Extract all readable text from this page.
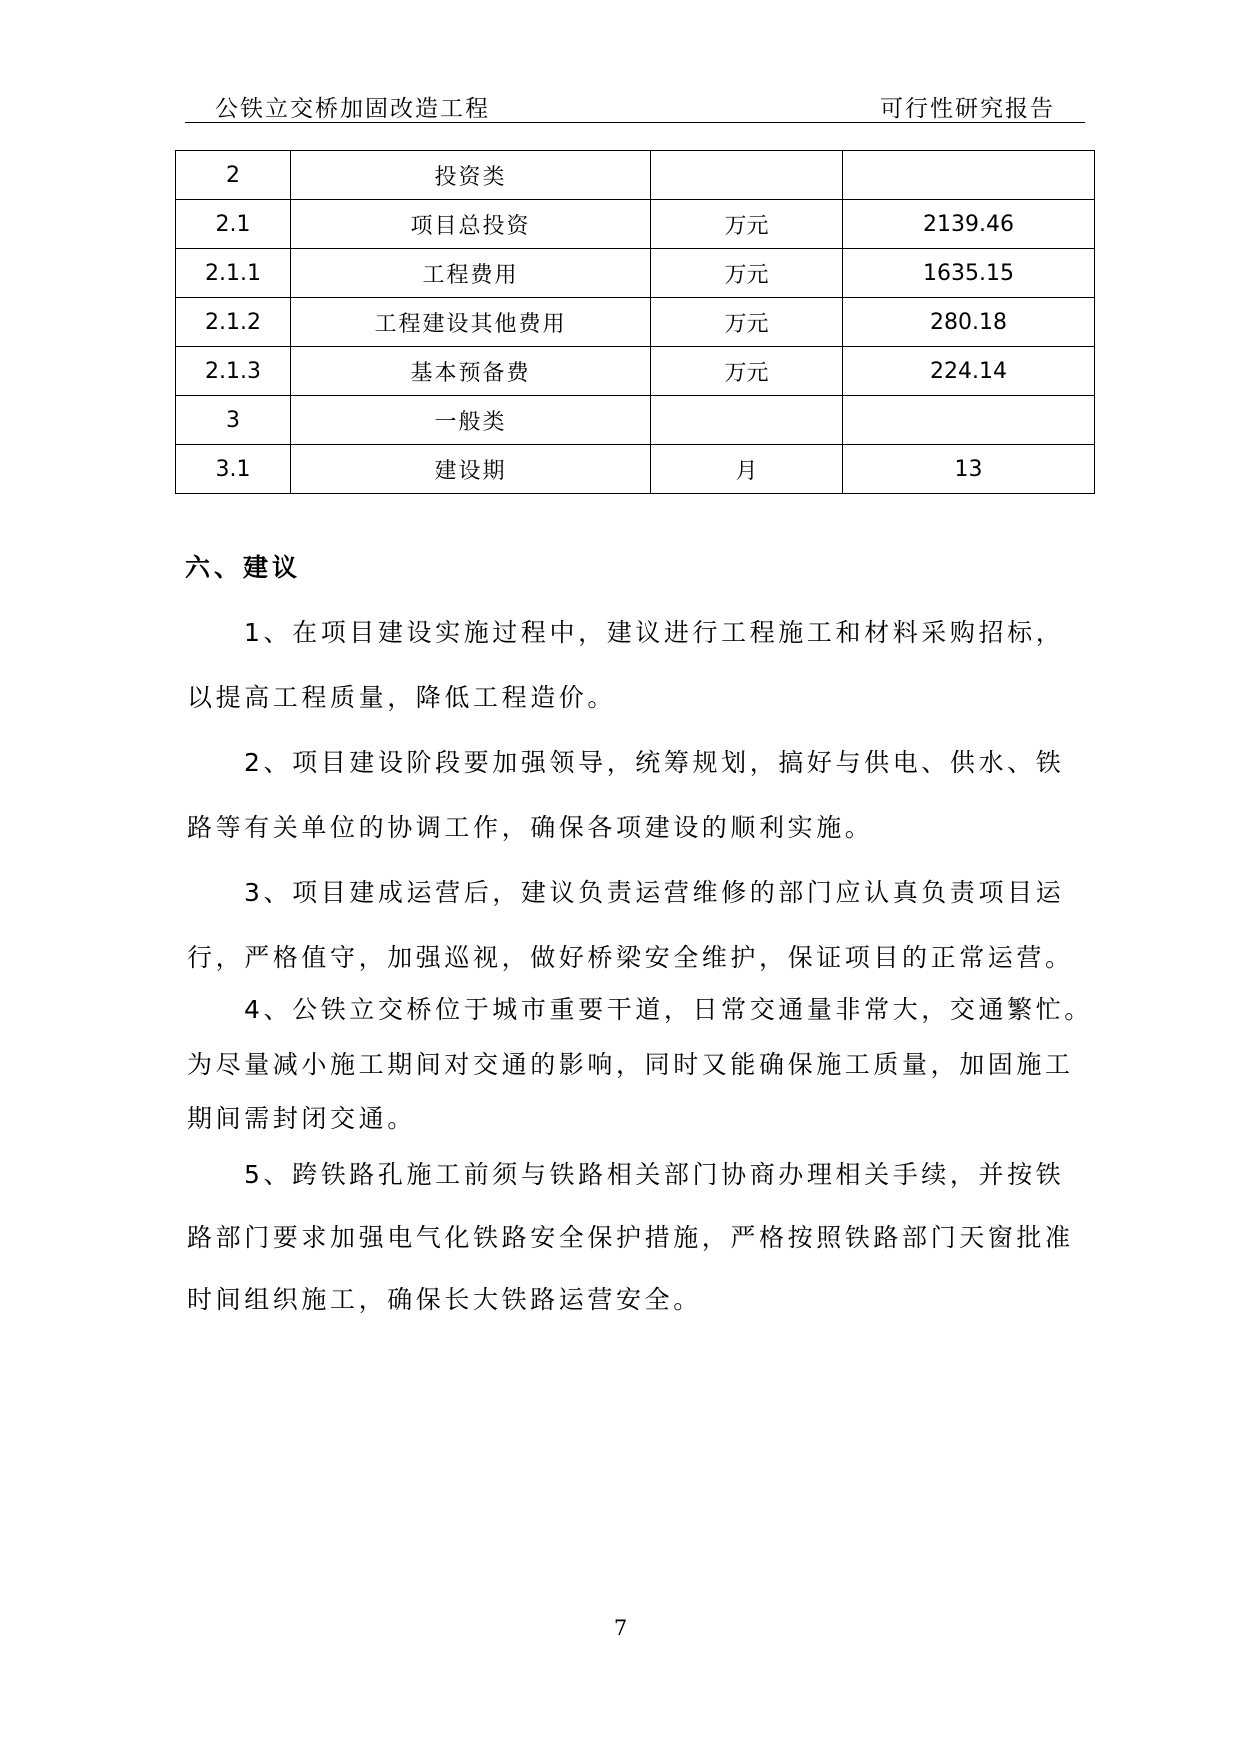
公铁立交桥加固改造工程	可行性研究报告
2	投资类		
2.1	项目总投资	万元	2139.46
2.1.1	工程费用	万元	1635.15
2.1.2	工程建设其他费用	万元	280.18
2.1.3	基本预备费	万元	224.14
3	一般类		
3.1	建设期	月	13
六、建议
1、在项目建设实施过程中，建议进行工程施工和材料采购招标，
以提高工程质量，降低工程造价。
2、项目建设阶段要加强领导，统筹规划，搞好与供电、供水、铁
路等有关单位的协调工作，确保各项建设的顺利实施。
3、项目建成运营后，建议负责运营维修的部门应认真负责项目运
行，严格值守，加强巡视，做好桥梁安全维护，保证项目的正常运营。
4、公铁立交桥位于城市重要干道，日常交通量非常大，交通繁忙。
为尽量减小施工期间对交通的影响，同时又能确保施工质量，加固施工
期间需封闭交通。
5、跨铁路孔施工前须与铁路相关部门协商办理相关手续，并按铁
路部门要求加强电气化铁路安全保护措施，严格按照铁路部门天窗批准
时间组织施工，确保长大铁路运营安全。
7
